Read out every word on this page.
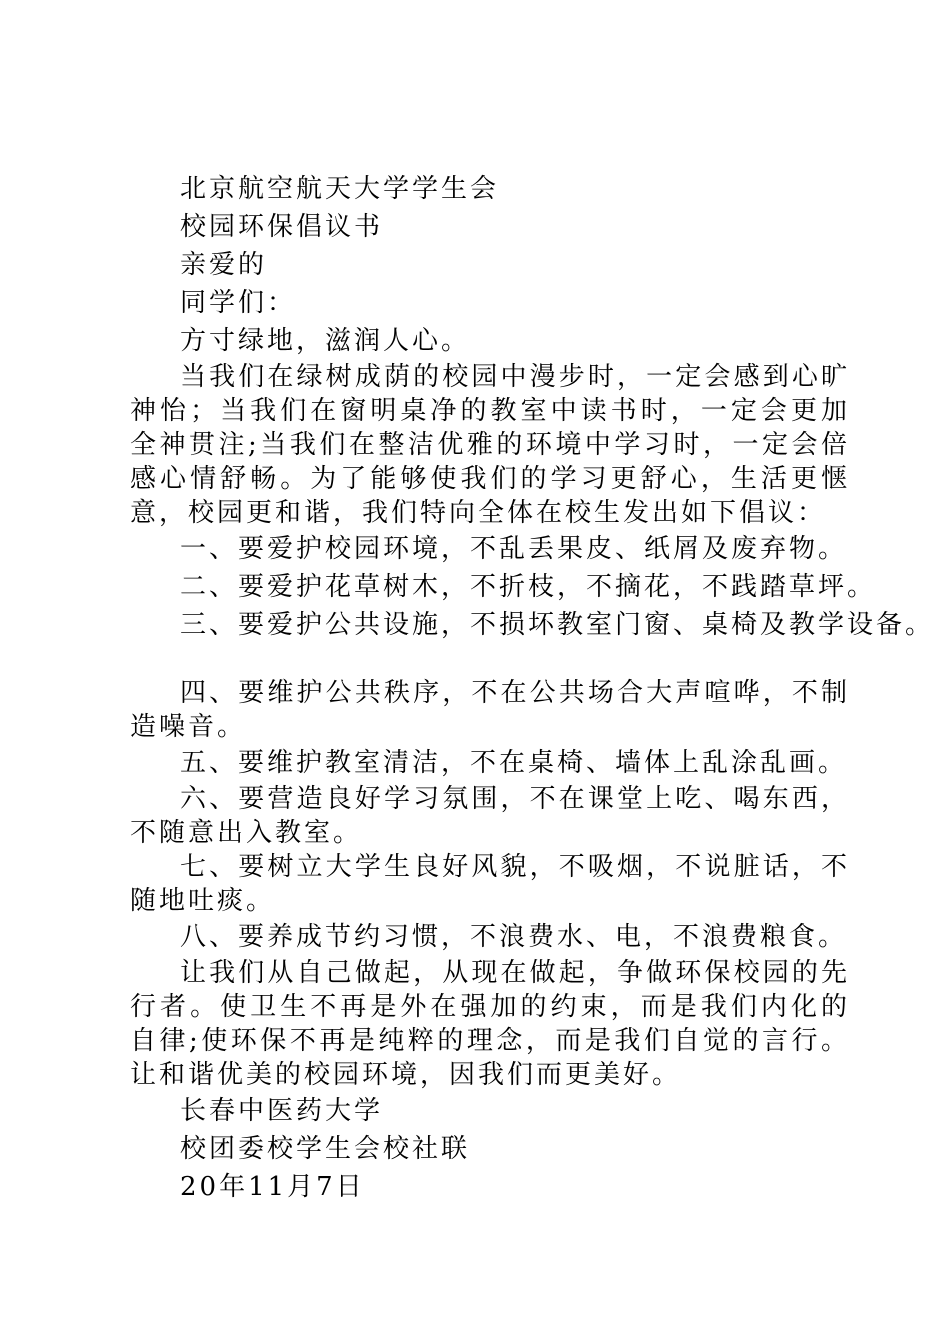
北京航空航天大学学生会

校园环保倡议书

亲爱的

同学们：

方寸绿地，滋润人心。

当我们在绿树成荫的校园中漫步时，一定会感到心旷神怡；当我们在窗明桌净的教室中读书时，一定会更加全神贯注;当我们在整洁优雅的环境中学习时，一定会倍感心情舒畅。为了能够使我们的学习更舒心，生活更惬意，校园更和谐，我们特向全体在校生发出如下倡议：

一、要爱护校园环境，不乱丢果皮、纸屑及废弃物。

二、要爱护花草树木，不折枝，不摘花，不践踏草坪。

三、要爱护公共设施，不损坏教室门窗、桌椅及教学设备。

四、要维护公共秩序，不在公共场合大声喧哗，不制造噪音。

五、要维护教室清洁，不在桌椅、墙体上乱涂乱画。

六、要营造良好学习氛围，不在课堂上吃、喝东西，不随意出入教室。

七、要树立大学生良好风貌，不吸烟，不说脏话，不随地吐痰。

八、要养成节约习惯，不浪费水、电，不浪费粮食。

让我们从自己做起，从现在做起，争做环保校园的先行者。使卫生不再是外在强加的约束，而是我们内化的自律;使环保不再是纯粹的理念，而是我们自觉的言行。让和谐优美的校园环境，因我们而更美好。

长春中医药大学

校团委校学生会校社联

20年11月7日
